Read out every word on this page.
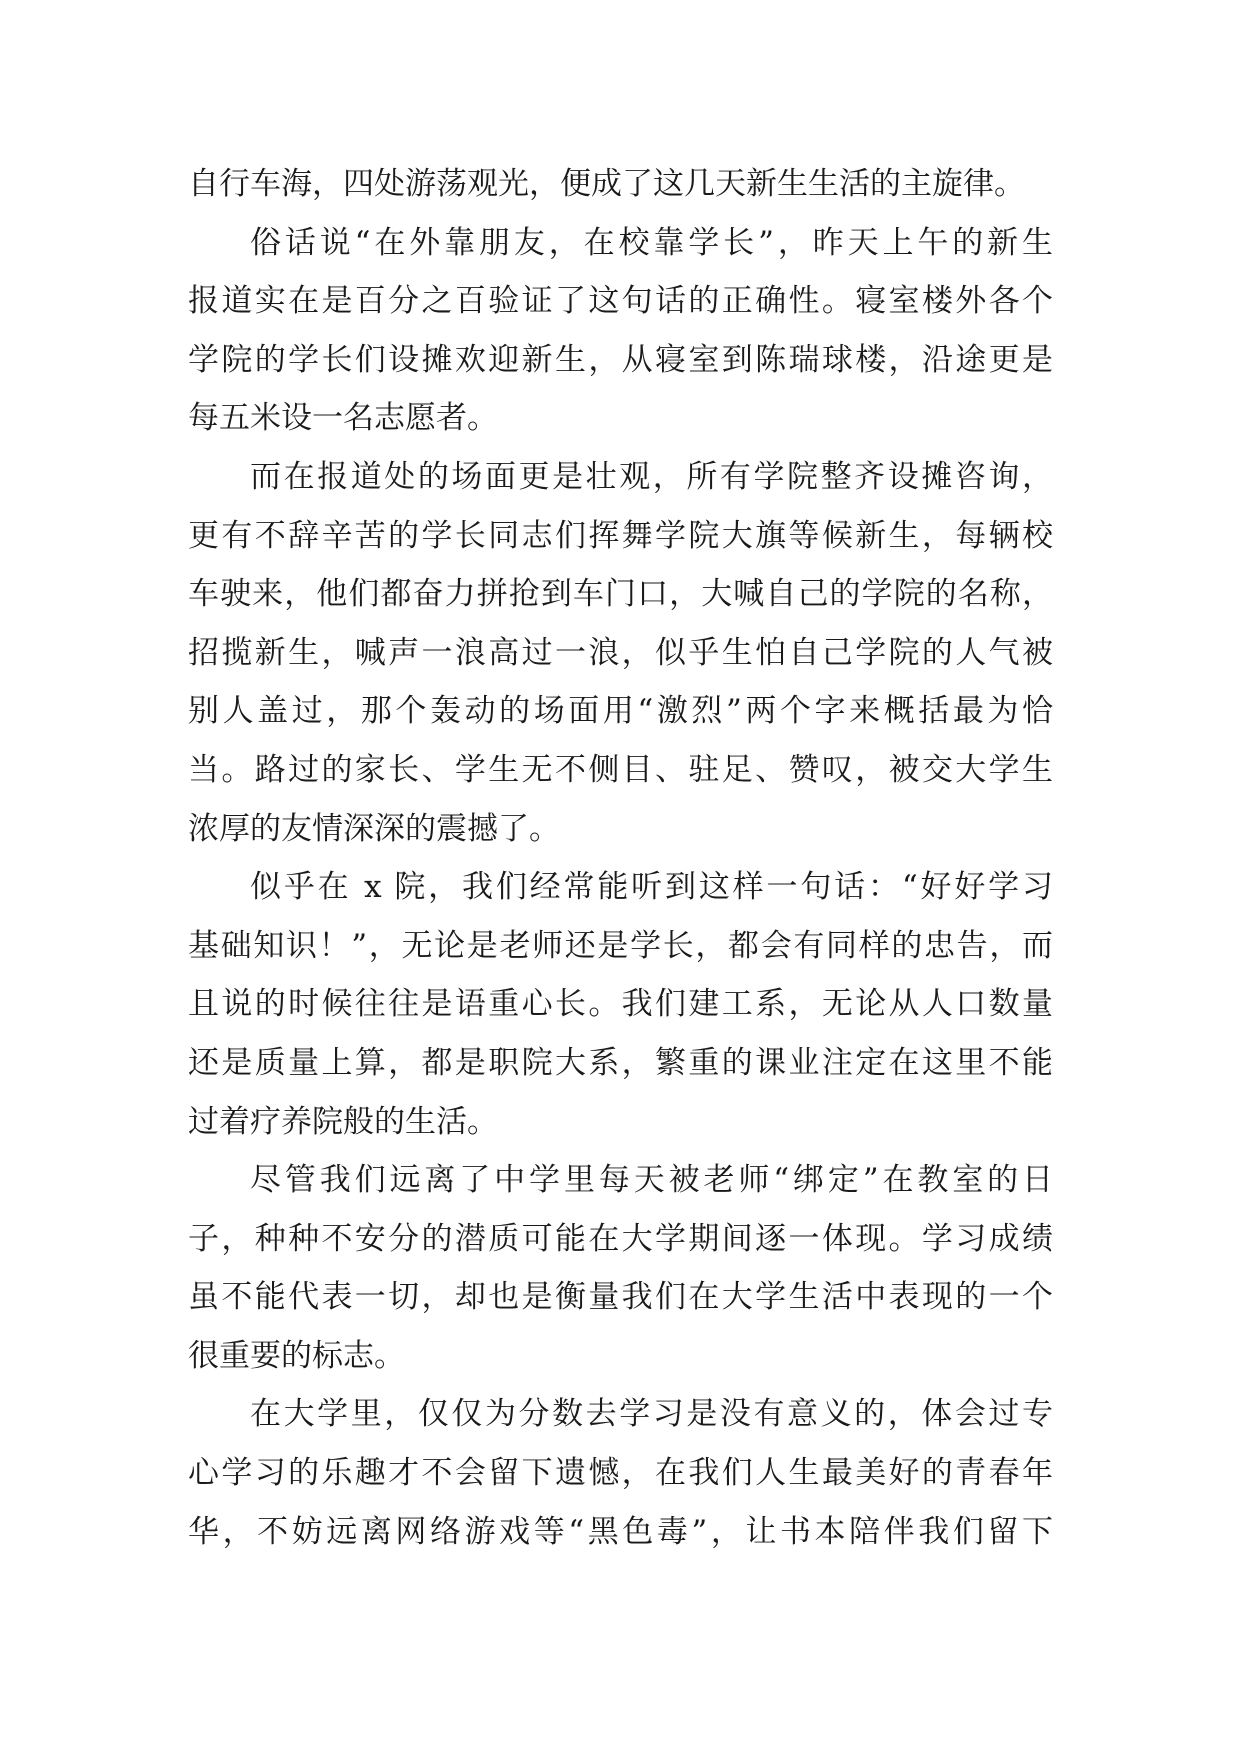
自行车海，四处游荡观光，便成了这几天新生生活的主旋律。
俗话说“在外靠朋友，在校靠学长”，昨天上午的新生
报道实在是百分之百验证了这句话的正确性。寝室楼外各个
学院的学长们设摊欢迎新生，从寝室到陈瑞球楼，沿途更是
每五米设一名志愿者。
而在报道处的场面更是壮观，所有学院整齐设摊咨询，
更有不辞辛苦的学长同志们挥舞学院大旗等候新生，每辆校
车驶来，他们都奋力拼抢到车门口，大喊自己的学院的名称，
招揽新生，喊声一浪高过一浪，似乎生怕自己学院的人气被
别人盖过，那个轰动的场面用“激烈”两个字来概括最为恰
当。路过的家长、学生无不侧目、驻足、赞叹，被交大学生
浓厚的友情深深的震撼了。
似乎在 x 院，我们经常能听到这样一句话：“好好学习
基础知识！”，无论是老师还是学长，都会有同样的忠告，而
且说的时候往往是语重心长。我们建工系，无论从人口数量
还是质量上算，都是职院大系，繁重的课业注定在这里不能
过着疗养院般的生活。
尽管我们远离了中学里每天被老师“绑定”在教室的日
子，种种不安分的潜质可能在大学期间逐一体现。学习成绩
虽不能代表一切，却也是衡量我们在大学生活中表现的一个
很重要的标志。
在大学里，仅仅为分数去学习是没有意义的，体会过专
心学习的乐趣才不会留下遗憾，在我们人生最美好的青春年
华，不妨远离网络游戏等“黑色毒”，让书本陪伴我们留下
